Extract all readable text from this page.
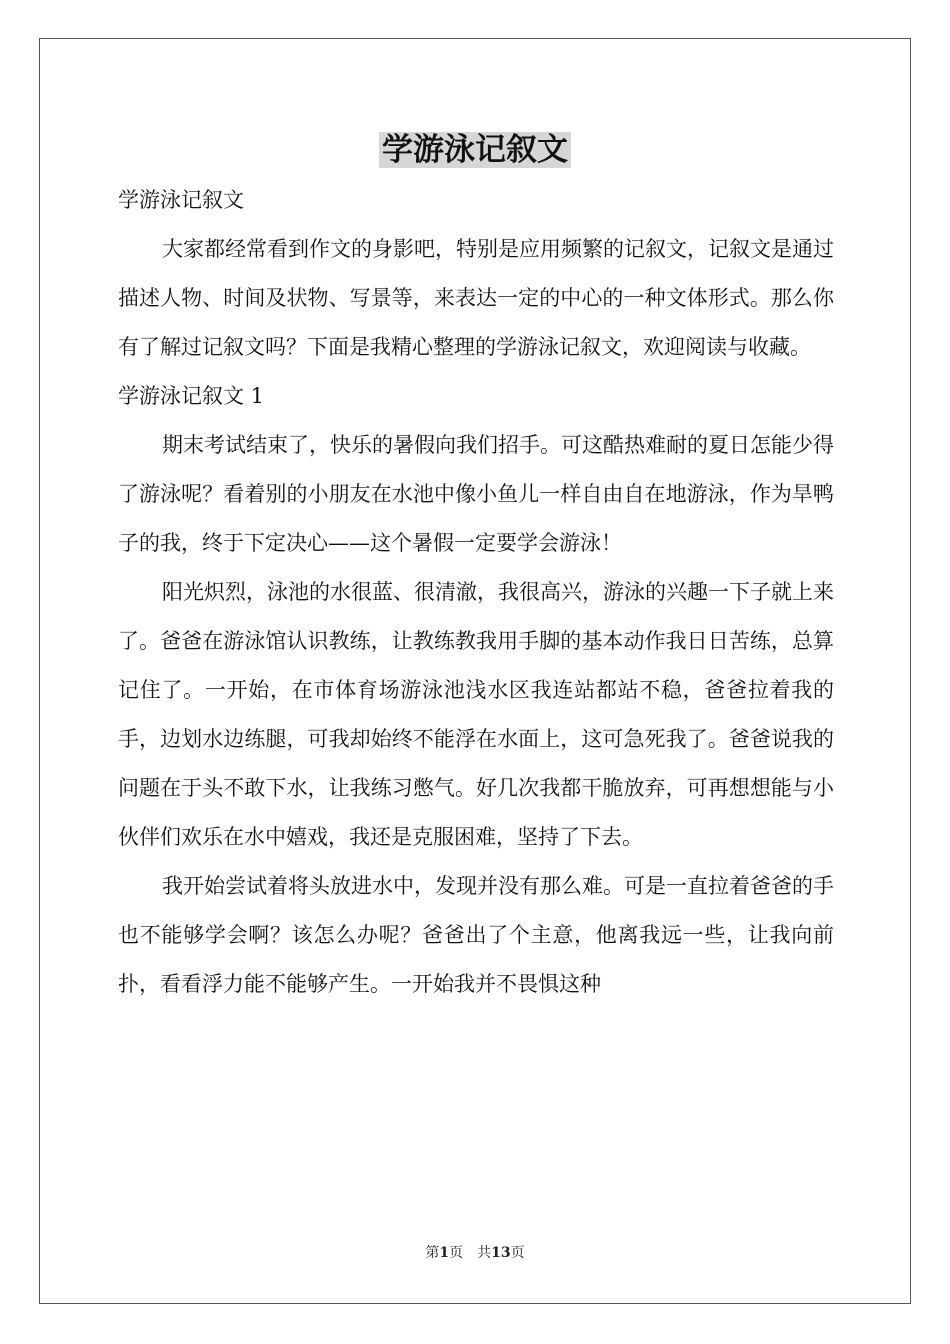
学游泳记叙文

学游泳记叙文

大家都经常看到作文的身影吧，特别是应用频繁的记叙文，记叙文是通过描述人物、时间及状物、写景等，来表达一定的中心的一种文体形式。那么你有了解过记叙文吗？下面是我精心整理的学游泳记叙文，欢迎阅读与收藏。

学游泳记叙文 1

期末考试结束了，快乐的暑假向我们招手。可这酷热难耐的夏日怎能少得了游泳呢？看着别的小朋友在水池中像小鱼儿一样自由自在地游泳，作为旱鸭子的我，终于下定决心——这个暑假一定要学会游泳！

阳光炽烈，泳池的水很蓝、很清澈，我很高兴，游泳的兴趣一下子就上来了。爸爸在游泳馆认识教练，让教练教我用手脚的基本动作我日日苦练，总算记住了。一开始，在市体育场游泳池浅水区我连站都站不稳，爸爸拉着我的手，边划水边练腿，可我却始终不能浮在水面上，这可急死我了。爸爸说我的问题在于头不敢下水，让我练习憋气。好几次我都干脆放弃，可再想想能与小伙伴们欢乐在水中嬉戏，我还是克服困难，坚持了下去。

我开始尝试着将头放进水中，发现并没有那么难。可是一直拉着爸爸的手也不能够学会啊？该怎么办呢？爸爸出了个主意，他离我远一些，让我向前扑，看看浮力能不能够产生。一开始我并不畏惧这种

第1页　共13页
